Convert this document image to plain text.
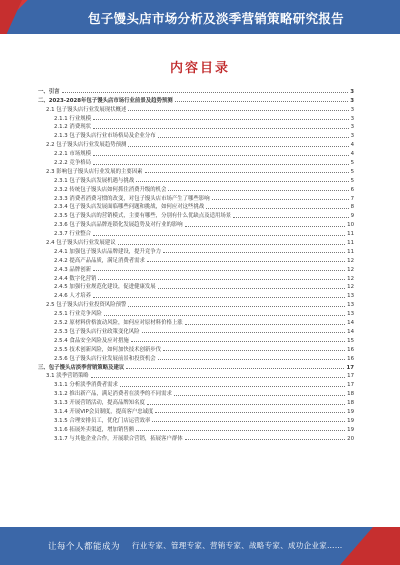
包子馒头店市场分析及淡季营销策略研究报告
内容目录
一、引言	3
二、2023-2028年包子馒头店市场行业前景及趋势预测	3
2.1 包子馒头店行业发展现状概述	3
2.1.1 行业规模	3
2.1.2 消费现状	3
2.1.3 包子馒头店行业市场格局及企业分布	3
2.2 包子馒头店行业发展趋势预测	4
2.2.1 市场规模	4
2.2.2 竞争格局	5
2.3 影响包子馒头店行业发展的主要因素	5
2.3.1 包子馒头店发展机遇与挑战	5
2.3.2 传统包子馒头店如何抓住消费升级的机会	6
2.3.3 消费者消费习惯的改变，对包子馒头店市场产生了哪些影响	7
2.3.4 包子馒头店发展面临哪些问题和挑战，如何应对这些挑战	8
2.3.5 包子馒头店的营销模式，主要有哪些，分别有什么优缺点及适用场景	9
2.3.6 包子馒头店品牌连锁化发展趋势及对行业的影响	10
2.3.7 行业整合	11
2.4 包子馒头店行业发展建议	11
2.4.1 加强包子馒头店品牌建设，提升竞争力	11
2.4.2 提高产品品质，满足消费者需求	12
2.4.3 品牌创新	12
2.4.4 数字化营销	12
2.4.5 加强行业规范化建设，促进健康发展	12
2.4.6 人才培养	13
2.5 包子馒头店行业投资风险预警	13
2.5.1 行业竞争风险	13
2.5.2 原材料价格波动风险，如何应对原材料价格上涨	14
2.5.3 包子馒头店行业政策变化风险	14
2.5.4 食品安全风险及应对措施	15
2.5.5 技术创新风险，如何加快技术创新步伐	16
2.5.6 包子馒头店行业发展前景和投资机会	16
三、包子馒头店淡季营销策略及建议	17
3.1 淡季营销策略	17
3.1.1 分析淡季消费者需求	17
3.1.2 推出新产品，满足消费者在淡季的不同需求	18
3.1.3 开展营销活动，提高品牌知名度	18
3.1.4 开展VIP会员制度，提高客户忠诚度	19
3.1.5 合理安排员工，优化门店运营效率	19
3.1.6 拓展外卖渠道，增加销售额	19
3.1.7 与其他企业合作，开展联合营销，拓展客户群体	20
让每个人都能成为 行业专家、管理专家、营销专家、战略专家、成功企业家……
